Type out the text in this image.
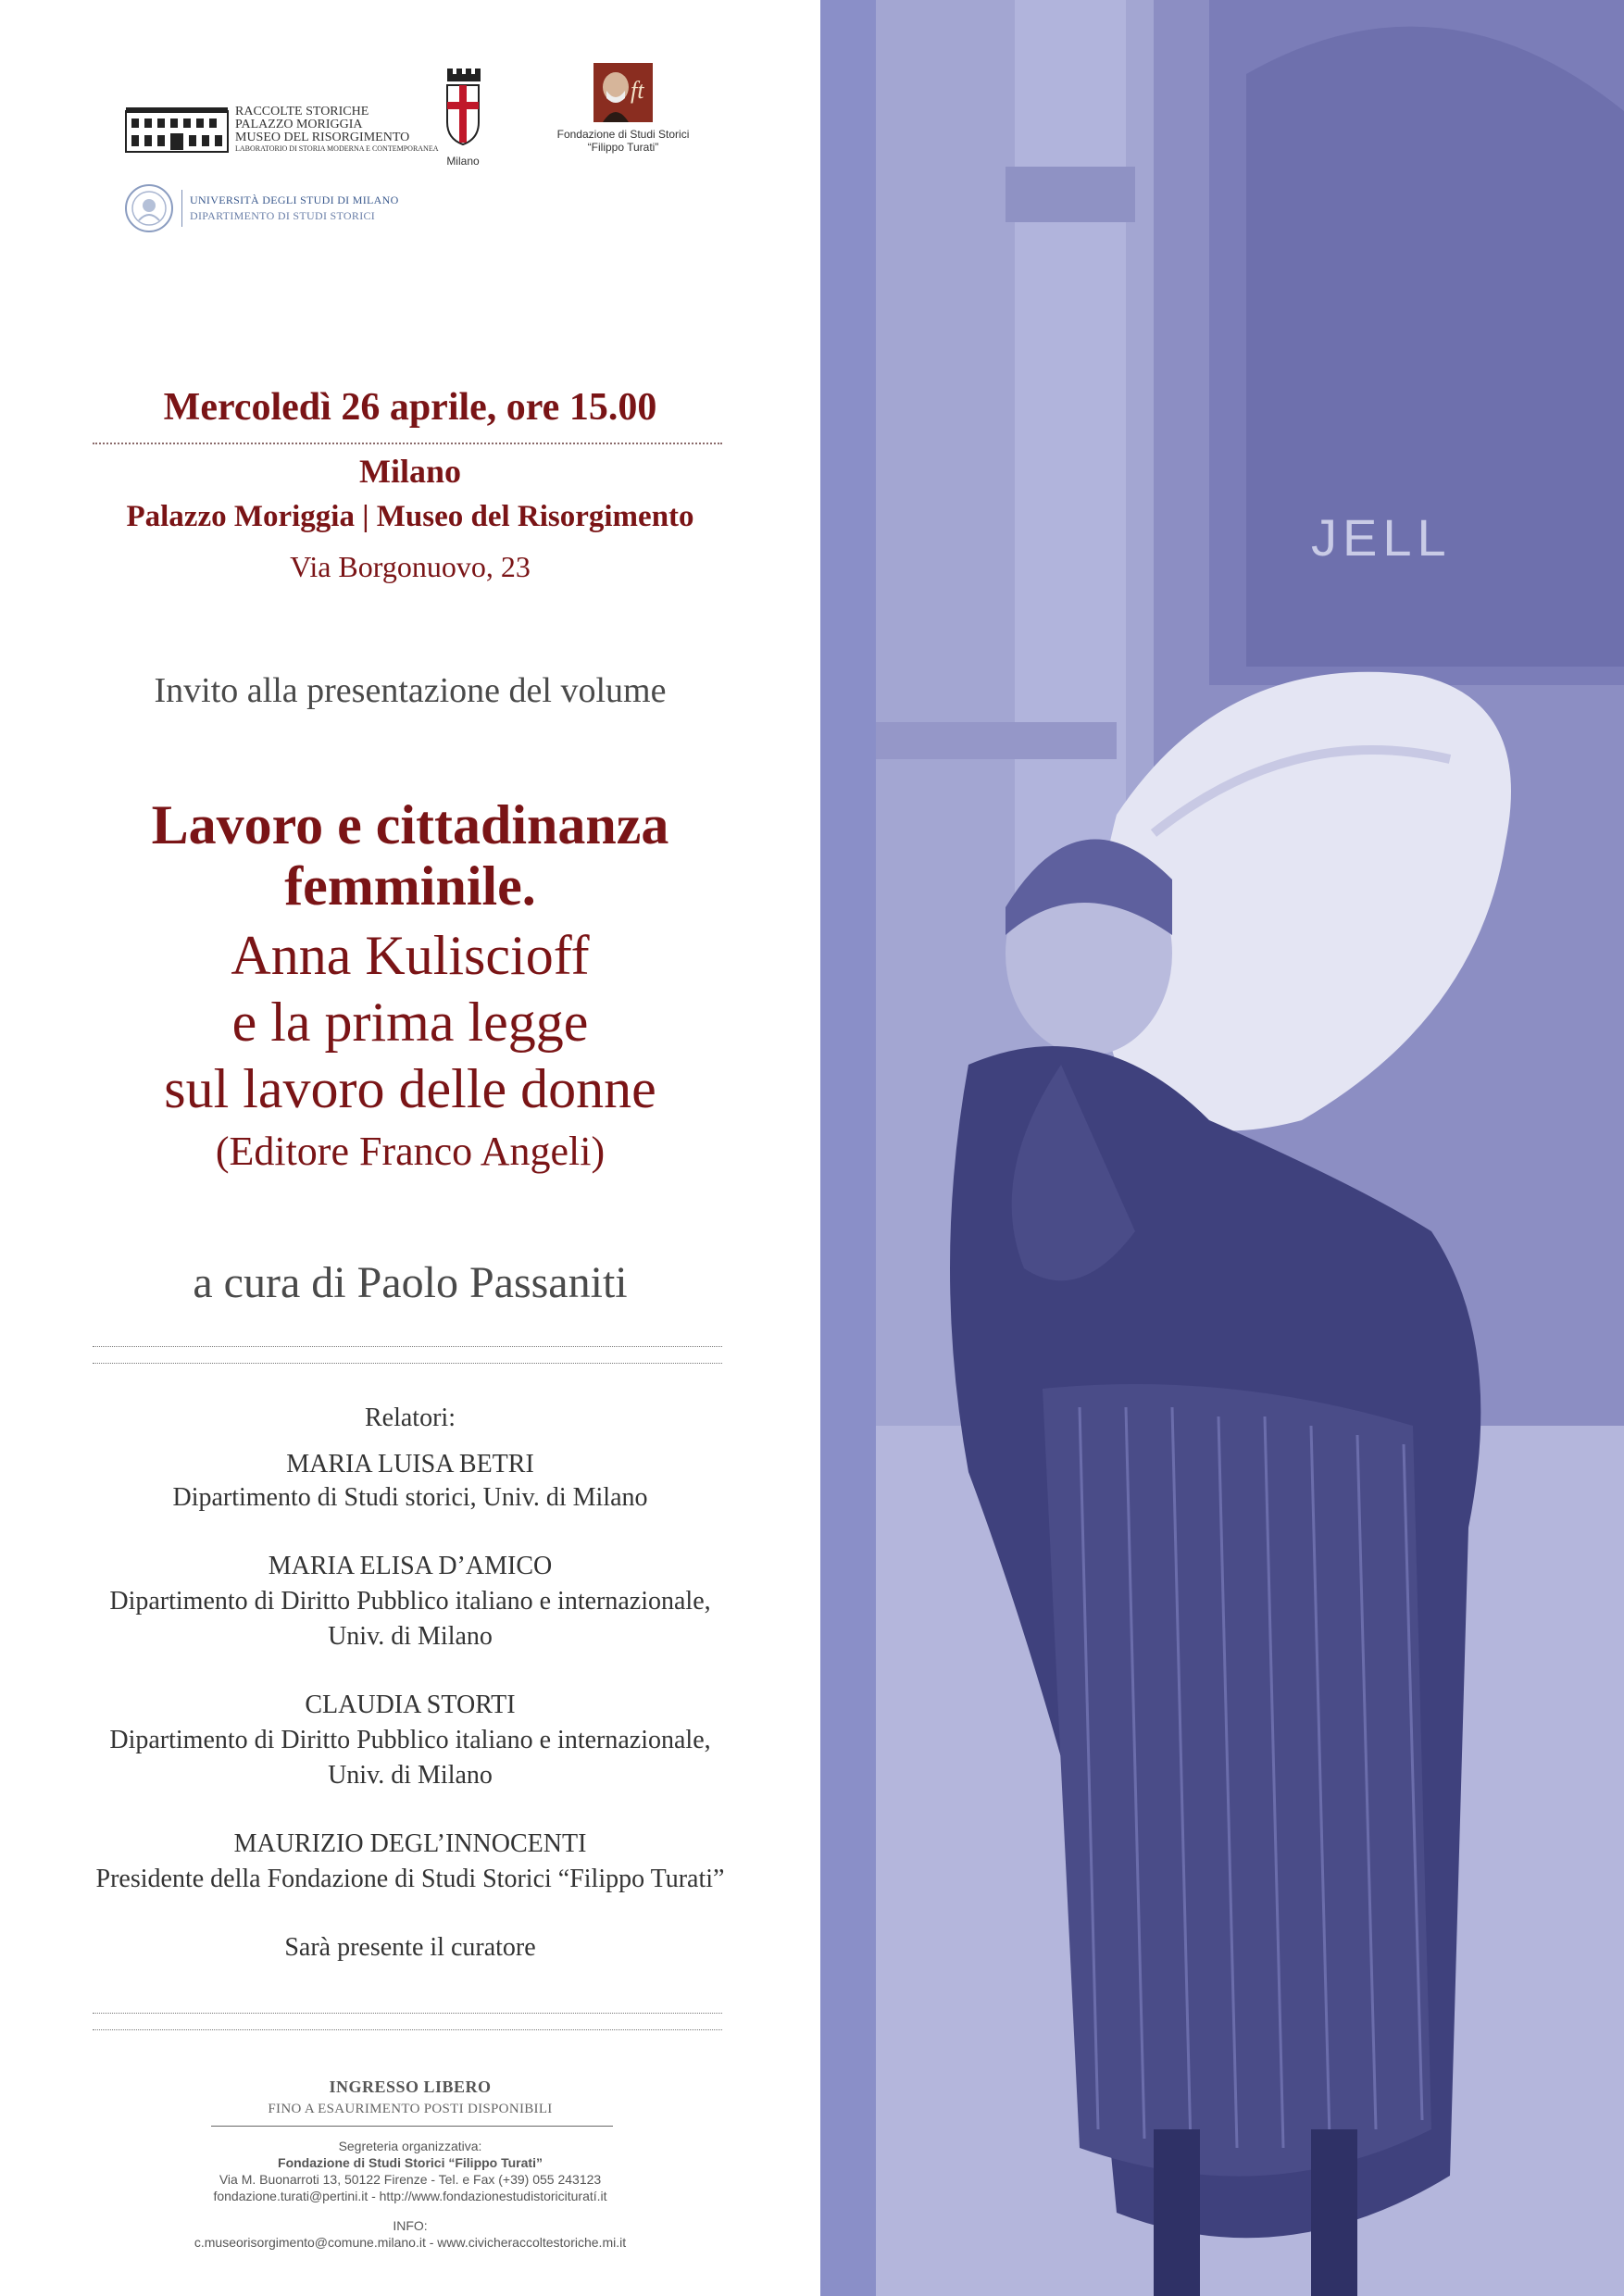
RACCOLTE STORICHE
PALAZZO MORIGGIA
MUSEO DEL RISORGIMENTO
LABORATORIO DI STORIA MODERNA E CONTEMPORANEA
Milano
ft
Fondazione di Studi Storici
“Filippo Turati”
UNIVERSITÀ DEGLI STUDI DI MILANO
DIPARTIMENTO DI STUDI STORICI
Mercoledì 26 aprile, ore 15.00
Milano
Palazzo Moriggia | Museo del Risorgimento
Via Borgonuovo, 23
Invito alla presentazione del volume
Lavoro e cittadinanza
femminile.
Anna Kuliscioff
e la prima legge
sul lavoro delle donne
(Editore Franco Angeli)
a cura di Paolo Passaniti
Relatori:
MARIA LUISA BETRI
Dipartimento di Studi storici, Univ. di Milano
MARIA ELISA D’AMICO
Dipartimento di Diritto Pubblico italiano e internazionale,
Univ. di Milano
CLAUDIA STORTI
Dipartimento di Diritto Pubblico italiano e internazionale,
Univ. di Milano
MAURIZIO DEGL’INNOCENTI
Presidente della Fondazione di Studi Storici “Filippo Turati”
Sarà presente il curatore
INGRESSO LIBERO
FINO A ESAURIMENTO POSTI DISPONIBILI
Segreteria organizzativa:
Fondazione di Studi Storici “Filippo Turati”
Via M. Buonarroti 13, 50122 Firenze - Tel. e Fax (+39) 055 243123
fondazione.turati@pertini.it - http://www.fondazionestudistoricituratí.it
INFO:
c.museorisorgimento@comune.milano.it - www.civicheraccoltestoriche.mi.it
JELL
